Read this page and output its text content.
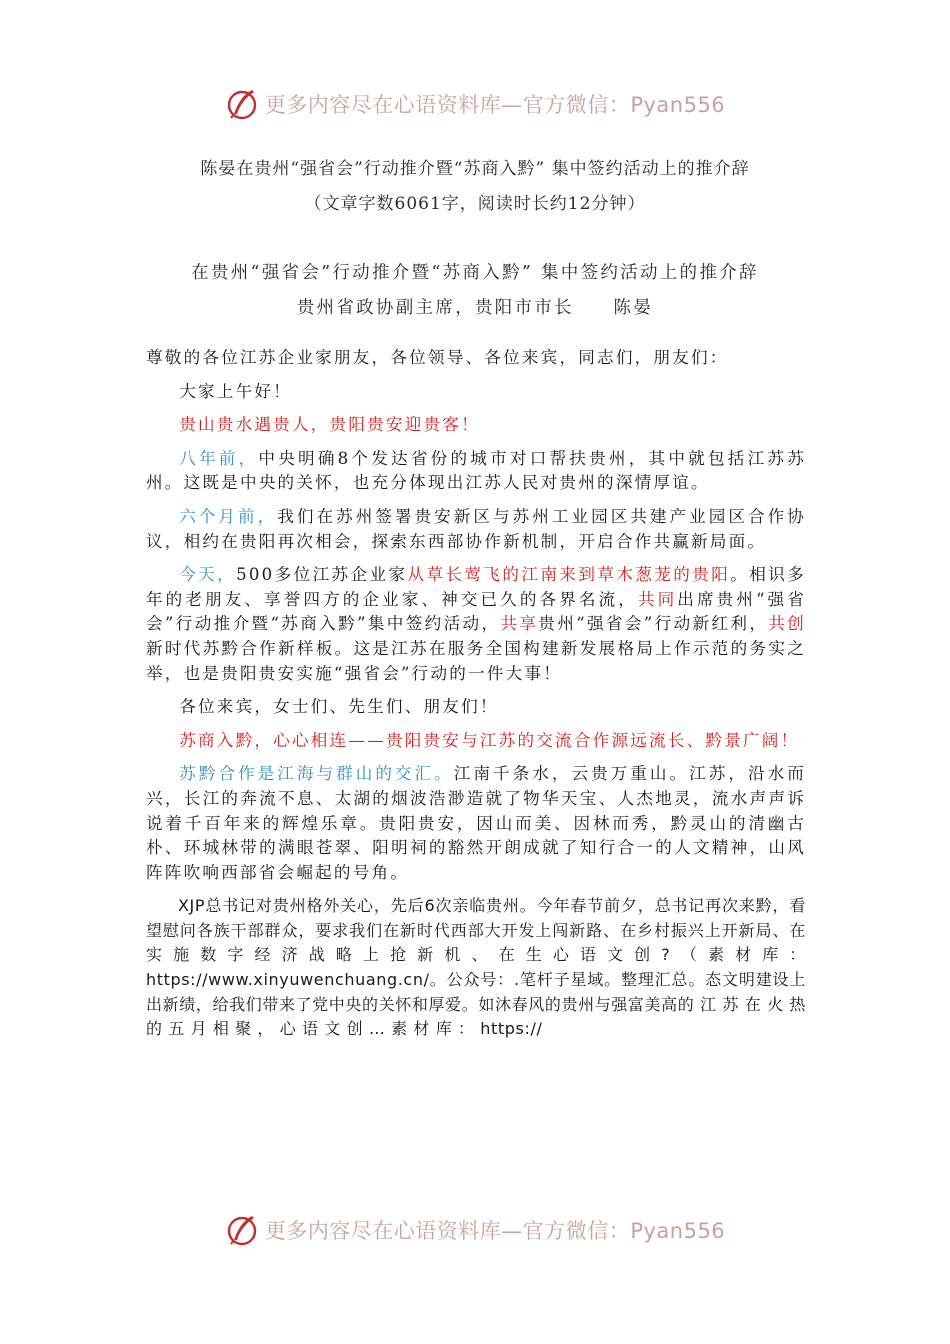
更多内容尽在心语资料库—官方微信：Pyan556
陈晏在贵州“强省会”行动推介暨“苏商入黔” 集中签约活动上的推介辞
（文章字数6061字，阅读时长约12分钟）
在贵州“强省会”行动推介暨“苏商入黔” 集中签约活动上的推介辞
贵州省政协副主席，贵阳市市长　　陈晏

尊敬的各位江苏企业家朋友，各位领导、各位来宾，同志们，朋友们：

大家上午好！

贵山贵水遇贵人，贵阳贵安迎贵客！

八年前，中央明确8个发达省份的城市对口帮扶贵州，其中就包括江苏苏州。这既是中央的关怀，也充分体现出江苏人民对贵州的深情厚谊。

六个月前，我们在苏州签署贵安新区与苏州工业园区共建产业园区合作协议，相约在贵阳再次相会，探索东西部协作新机制，开启合作共赢新局面。

今天，500多位江苏企业家从草长莺飞的江南来到草木葱茏的贵阳。相识多年的老朋友、享誉四方的企业家、神交已久的各界名流，共同出席贵州“强省会”行动推介暨“苏商入黔”集中签约活动，共享贵州“强省会”行动新红利，共创新时代苏黔合作新样板。这是江苏在服务全国构建新发展格局上作示范的务实之举，也是贵阳贵安实施“强省会”行动的一件大事！

各位来宾，女士们、先生们、朋友们！

苏商入黔，心心相连——贵阳贵安与江苏的交流合作源远流长、黔景广阔！

苏黔合作是江海与群山的交汇。江南千条水，云贵万重山。江苏，沿水而兴，长江的奔流不息、太湖的烟波浩渺造就了物华天宝、人杰地灵，流水声声诉说着千百年来的辉煌乐章。贵阳贵安，因山而美、因林而秀，黔灵山的清幽古朴、环城林带的满眼苍翠、阳明祠的豁然开朗成就了知行合一的人文精神，山风阵阵吹响西部省会崛起的号角。

XJP总书记对贵州格外关心，先后6次亲临贵州。今年春节前夕，总书记再次来黔，看望慰问各族干部群众，要求我们在新时代西部大开发上闯新路、在乡村振兴上开新局、在实施数字经济战略上抢新机、在生心语文创?（素材库：https://www.xinyuwenchuang.cn/。公众号：.笔杆子星域。整理汇总。态文明建设上出新绩，给我们带来了党中央的关怀和厚爱。如沐春风的贵州与强富美高的 江 苏 在 火 热 的 五 月 相 聚 ， 心 语 文 创 … 素 材 库 ： https://

更多内容尽在心语资料库—官方微信：Pyan556
